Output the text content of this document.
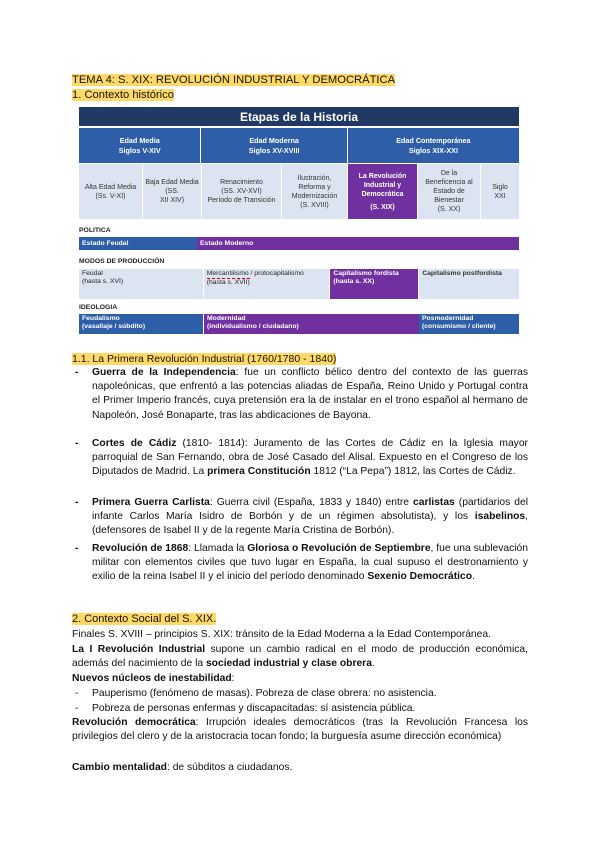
TEMA 4: S. XIX: REVOLUCIÓN INDUSTRIAL Y DEMOCRÁTICA
1. Contexto histórico
Etapas de la Historia
Edad Media
Siglos V-XIV
Edad Moderna
Siglos XV-XVIII
Edad Contemporánea
Siglos XIX-XXI
Alta Edad Media
(Ss. V-XI)
Baja Edad Media (SS.
XII XIV)
Renacimiento
(SS. XV-XVI)
Período de Transición
Ilustración, Reforma y Modernización
(S. XVIII)
La Revolución Industrial y Democrática
(S. XIX)
De la Beneficencia al Estado de Bienestar
(S. XX)
Siglo
XXI
POLITICA
Estado Feudal	Estado Moderno
MODOS DE PRODUCCIÓN
Feudal
(hasta s. XVI)
Mercantilismo / protocapitalismo
(hasta s. XVII)
Capitalismo fordista
(hasta s. XX)
Capitalismo postfordista
IDEOLOGIA
Feudalismo
(vasallaje / súbdito)
Modernidad
(individualismo / ciudadano)
Posmodernidad
(consumismo / cliente)
1.1. La Primera Revolución Industrial (1760/1780 - 1840)
- Guerra de la Independencia: fue un conflicto bélico dentro del contexto de las guerras napoleónicas, que enfrentó a las potencias aliadas de España, Reino Unido y Portugal contra el Primer Imperio francés, cuya pretensión era la de instalar en el trono español al hermano de Napoleón, José Bonaparte, tras las abdicaciones de Bayona.
- Cortes de Cádiz (1810- 1814): Juramento de las Cortes de Cádiz en la Iglesia mayor parroquial de San Fernando, obra de José Casado del Alisal. Expuesto en el Congreso de los Diputados de Madrid. La primera Constitución 1812 (“La Pepa”) 1812, las Cortes de Cádiz.
- Primera Guerra Carlista: Guerra civil (España, 1833 y 1840) entre carlistas (partidarios del infante Carlos María Isidro de Borbón y de un régimen absolutista), y los isabelinos, (defensores de Isabel II y de la regente María Cristina de Borbón).
- Revolución de 1868: Llamada la Gloriosa o Revolución de Septiembre, fue una sublevación militar con elementos civiles que tuvo lugar en España, la cual supuso el destronamiento y exilio de la reina Isabel II y el inicio del período denominado Sexenio Democrático.
2. Contexto Social del S. XIX.
Finales S. XVIII – principios S. XIX: tránsito de la Edad Moderna a la Edad Contemporánea.
La I Revolución Industrial supone un cambio radical en el modo de producción económica, además del nacimiento de la sociedad industrial y clase obrera.
Nuevos núcleos de inestabilidad:
- Pauperismo (fenómeno de masas). Pobreza de clase obrera: no asistencia.
- Pobreza de personas enfermas y discapacitadas: sí asistencia pública.
Revolución democrática: Irrupción ideales democráticos (tras la Revolución Francesa los privilegios del clero y de la aristocracia tocan fondo; la burguesía asume dirección económica)
Cambio mentalidad: de súbditos a ciudadanos.
